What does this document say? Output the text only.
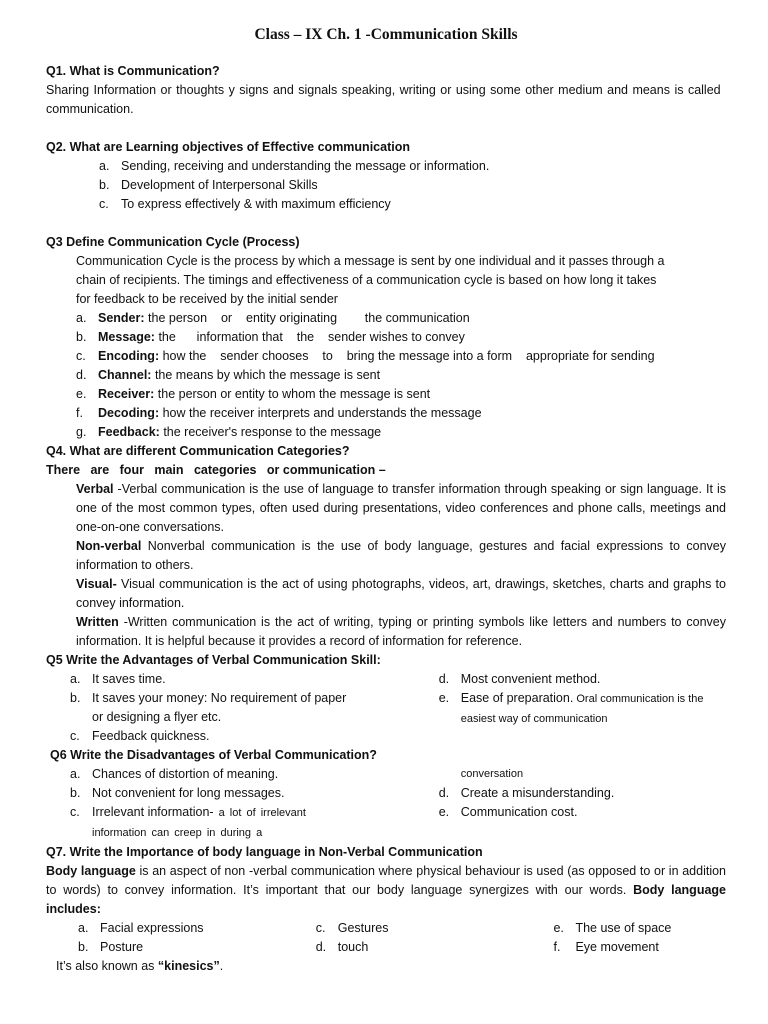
Class – IX Ch. 1 -Communication Skills
Q1. What is Communication?
Sharing Information or thoughts y signs and signals speaking, writing or using some other medium and means is called communication.
Q2. What are Learning objectives of Effective communication
a. Sending, receiving and understanding the message or information.
b. Development of Interpersonal Skills
c. To express effectively & with maximum efficiency
Q3 Define Communication Cycle (Process)
Communication Cycle is the process by which a message is sent by one individual and it passes through a chain of recipients. The timings and effectiveness of a communication cycle is based on how long it takes for feedback to be received by the initial sender
a. Sender: the person    or    entity originating        the communication
b. Message: the      information that    the    sender wishes to convey
c. Encoding: how the    sender chooses    to    bring the message into a form    appropriate for sending
d. Channel: the means by which the message is sent
e. Receiver: the person or entity to whom the message is sent
f. Decoding: how the receiver interprets and understands the message
g. Feedback: the receiver's response to the message
Q4. What are different Communication Categories?
There   are   four   main   categories   or communication –
Verbal -Verbal communication is the use of language to transfer information through speaking or sign language. It is one of the most common types, often used during presentations, video conferences and phone calls, meetings and one-on-one conversations.
Non-verbal Nonverbal communication is the use of body language, gestures and facial expressions to convey information to others.
Visual- Visual communication is the act of using photographs, videos, art, drawings, sketches, charts and graphs to convey information.
Written -Written communication is the act of writing, typing or printing symbols like letters and numbers to convey information. It is helpful because it provides a record of information for reference.
Q5 Write the Advantages of Verbal Communication Skill:
a. It saves time.
b. It saves your money: No requirement of paper or designing a flyer etc.
c. Feedback quickness.
d. Most convenient method.
e. Ease of preparation. Oral communication is the easiest way of communication
Q6 Write the Disadvantages of Verbal Communication?
a. Chances of distortion of meaning.
b. Not convenient for long messages.
c. Irrelevant information- a lot of irrelevant information can creep in during a
conversation
d. Create a misunderstanding.
e. Communication cost.
Q7. Write the Importance of body language in Non-Verbal Communication
Body language is an aspect of non -verbal communication where physical behaviour is used (as opposed to or in addition to words) to convey information. It’s important that our body language synergizes with our words. Body language includes:
a. Facial expressions
b. Posture
c. Gestures
d. touch
e. The use of space
f. Eye movement
It’s also known as “kinesics”.
